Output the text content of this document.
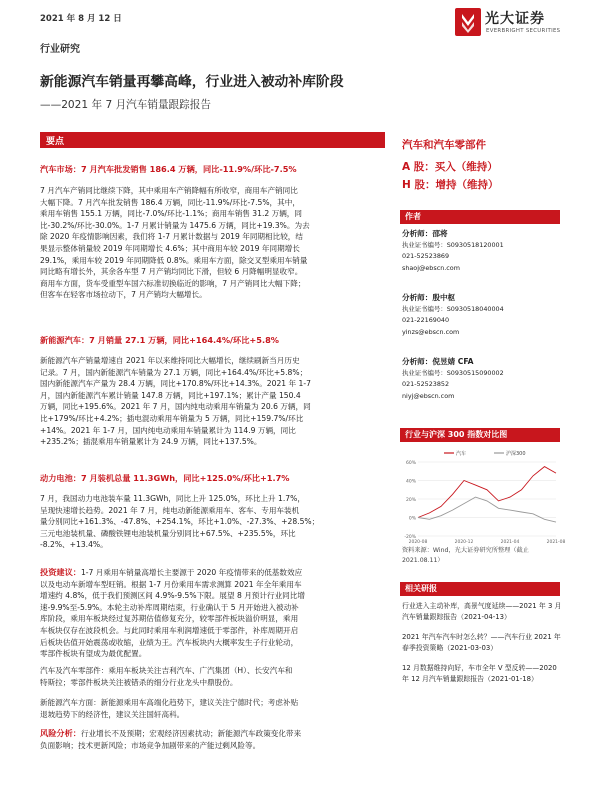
2021 年 8 月 12 日	光大证券
EVERBRIGHT SECURITIES
行业研究
新能源汽车销量再攀高峰，行业进入被动补库阶段
——2021 年 7 月汽车销量跟踪报告
要点
汽车市场：7 月汽车批发销售 186.4 万辆，同比-11.9%/环比-7.5%
7 月汽车产销同比继续下降，其中乘用车产销降幅有所收窄，商用车产销同比
大幅下降。7 月汽车批发销售 186.4 万辆，同比-11.9%/环比-7.5%，其中，
乘用车销售 155.1 万辆，同比-7.0%/环比-1.1%；商用车销售 31.2 万辆，同
比-30.2%/环比-30.0%。1-7 月累计销量为 1475.6 万辆，同比+19.3%。为去
除 2020 年疫情影响因素，我们将 1-7 月累计数据与 2019 年同期相比较，结
果显示整体销量较 2019 年同期增长 4.6%；其中商用车较 2019 年同期增长
29.1%，乘用车较 2019 年同期降低 0.8%。乘用车方面，除交叉型乘用车销量
同比略有增长外，其余各车型 7 月产销均同比下滑，但较 6 月降幅明显收窄。
商用车方面，货车受重型车国六标准切换临近的影响，7 月产销同比大幅下降；
但客车在轻客市场拉动下，7 月产销均大幅增长。
新能源汽车：7 月销量 27.1 万辆，同比+164.4%/环比+5.8%
新能源汽车产销量增速自 2021 年以来维持同比大幅增长，继续刷新当月历史
记录。7 月，国内新能源汽车销量为 27.1 万辆，同比+164.4%/环比+5.8%；
国内新能源汽车产量为 28.4 万辆，同比+170.8%/环比+14.3%。2021 年 1-7
月，国内新能源汽车累计销量 147.8 万辆，同比+197.1%；累计产量 150.4
万辆，同比+195.6%。2021 年 7 月，国内纯电动乘用车销量为 20.6 万辆，同
比+179%/环比+4.2%；插电混动乘用车销量为 5 万辆，同比+159.7%/环比
+14%。2021 年 1-7 月，国内纯电动乘用车销量累计为 114.9 万辆，同比
+235.2%；插混乘用车销量累计为 24.9 万辆，同比+137.5%。
动力电池：7 月装机总量 11.3GWh，同比+125.0%/环比+1.7%
7 月，我国动力电池装车量 11.3GWh，同比上升 125.0%，环比上升 1.7%，
呈现快速增长趋势。2021 年 7 月，纯电动新能源乘用车、客车、专用车装机
量分别同比+161.3%、-47.8%、+254.1%，环比+1.0%、-27.3%、+28.5%；
三元电池装机量、磷酸铁锂电池装机量分别同比+67.5%、+235.5%，环比
-8.2%、+13.4%。
投资建议：1-7 月乘用车销量高增长主要源于 2020 年疫情带来的低基数效应
以及电动车新增车型旺销。根据 1-7 月份乘用车需求测算 2021 年全年乘用车
增速约 4.8%，低于我们预测区间 4.9%-9.5%下限。展望 8 月预计行业同比增
速-9.9%至-5.9%。本轮主动补库周期结束，行业确认于 5 月开始进入被动补
库阶段，乘用车板块经过复苏期估值修复充分，较零部件板块溢价明显，乘用
车板块仅存在波段机会。与此同时乘用车利润增速低于零部件，补库周期开启
后板块估值开始震荡或收缩，业绩为王。汽车板块内大概率发生子行业轮动，
零部件板块有望成为最优配置。
汽车及汽车零部件：乘用车板块关注吉利汽车、广汽集团（H）、长安汽车和
特斯拉；零部件板块关注被错杀的细分行业龙头中鼎股份。
新能源汽车方面：新能源乘用车高端化趋势下，建议关注宁德时代；考虑补贴
退坡趋势下的经济性，建议关注国轩高科。
风险分析：行业增长不及预期；宏观经济因素扰动；新能源汽车政策变化带来
负面影响；技术更新风险；市场竞争加剧带来的产能过剩风险等。
汽车和汽车零部件
A 股：买入（维持）
H 股：增持（维持）
作者
分析师：邵将
执业证书编号：S0930518120001
021-52523869
shaoj@ebscn.com
分析师：殷中枢
执业证书编号：S0930518040004
021-22169040
yinzs@ebscn.com
分析师：倪昱婧 CFA
执业证书编号：S0930515090002
021-52523852
niyj@ebscn.com
行业与沪深 300 指数对比图
汽车	沪深300
-20%
0%
20%
40%
60%
2020-08	2020-12	2021-04	2021-08
资料来源：Wind，光大证券研究所整理（截止 2021.08.11）
相关研报
行业进入主动补库，高景气度延续——2021 年 3 月汽车销量跟踪报告（2021-04-13）
2021 年汽车汽车时怎么转？——汽车行业 2021 年春季投资策略（2021-03-03）
12 月数据维持向好，车市全年 V 型反转——2020 年 12 月汽车销量跟踪报告（2021-01-18）
